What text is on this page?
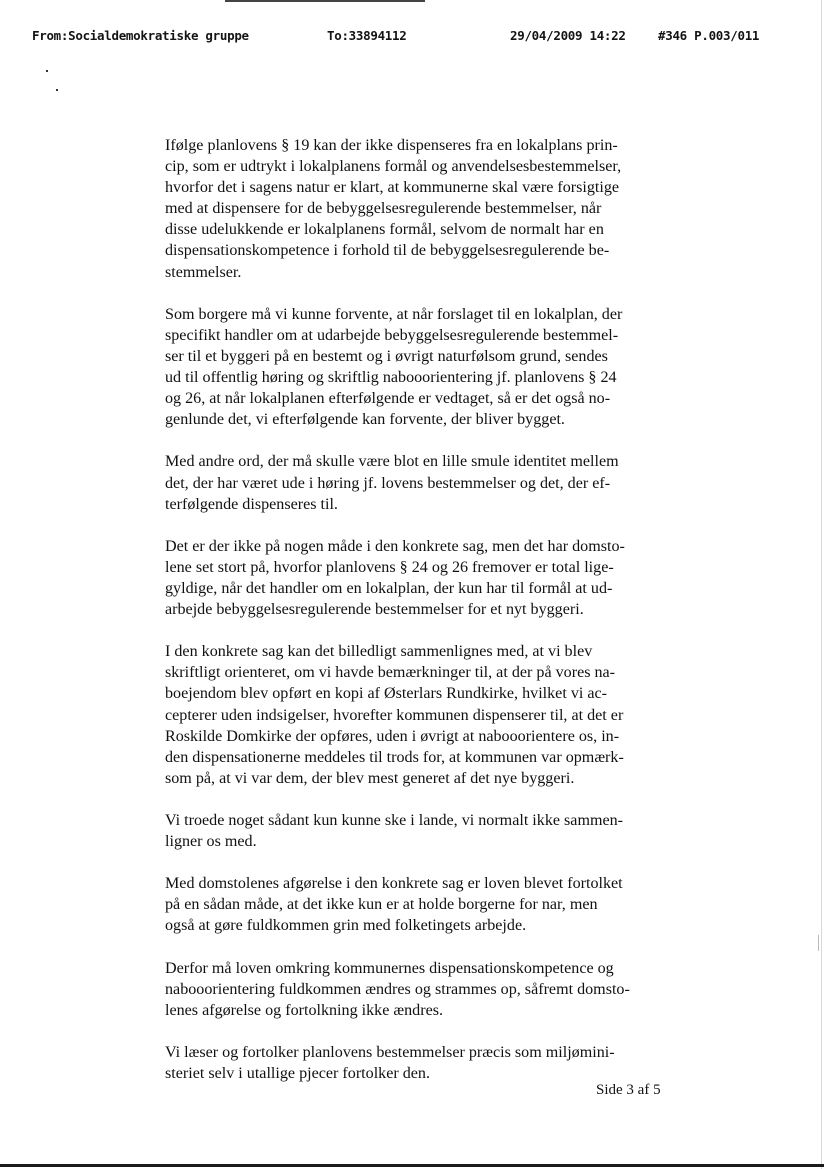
From:Socialdemokratiske gruppe	To:33894112	29/04/2009 14:22	#346 P.003/011

Ifølge planlovens § 19 kan der ikke dispenseres fra en lokalplans prin-
cip, som er udtrykt i lokalplanens formål og anvendelsesbestemmelser,
hvorfor det i sagens natur er klart, at kommunerne skal være forsigtige
med at dispensere for de bebyggelsesregulerende bestemmelser, når
disse udelukkende er lokalplanens formål, selvom de normalt har en
dispensationskompetence i forhold til de bebyggelsesregulerende be-
stemmelser.

Som borgere må vi kunne forvente, at når forslaget til en lokalplan, der
specifikt handler om at udarbejde bebyggelsesregulerende bestemmel-
ser til et byggeri på en bestemt og i øvrigt naturfølsom grund, sendes
ud til offentlig høring og skriftlig nabooorientering jf. planlovens § 24
og 26, at når lokalplanen efterfølgende er vedtaget, så er det også no-
genlunde det, vi efterfølgende kan forvente, der bliver bygget.

Med andre ord, der må skulle være blot en lille smule identitet mellem
det, der har været ude i høring jf. lovens bestemmelser og det, der ef-
terfølgende dispenseres til.

Det er der ikke på nogen måde i den konkrete sag, men det har domsto-
lene set stort på, hvorfor planlovens § 24 og 26 fremover er total lige-
gyldige, når det handler om en lokalplan, der kun har til formål at ud-
arbejde bebyggelsesregulerende bestemmelser for et nyt byggeri.

I den konkrete sag kan det billedligt sammenlignes med, at vi blev
skriftligt orienteret, om vi havde bemærkninger til, at der på vores na-
boejendom blev opført en kopi af Østerlars Rundkirke, hvilket vi ac-
cepterer uden indsigelser, hvorefter kommunen dispenserer til, at det er
Roskilde Domkirke der opføres, uden i øvrigt at nabooorientere os, in-
den dispensationerne meddeles til trods for, at kommunen var opmærk-
som på, at vi var dem, der blev mest generet af det nye byggeri.

Vi troede noget sådant kun kunne ske i lande, vi normalt ikke sammen-
ligner os med.

Med domstolenes afgørelse i den konkrete sag er loven blevet fortolket
på en sådan måde, at det ikke kun er at holde borgerne for nar, men
også at gøre fuldkommen grin med folketingets arbejde.

Derfor må loven omkring kommunernes dispensationskompetence og
nabooorientering fuldkommen ændres og strammes op, såfremt domsto-
lenes afgørelse og fortolkning ikke ændres.

Vi læser og fortolker planlovens bestemmelser præcis som miljømini-
steriet selv i utallige pjecer fortolker den.

Side 3 af 5
